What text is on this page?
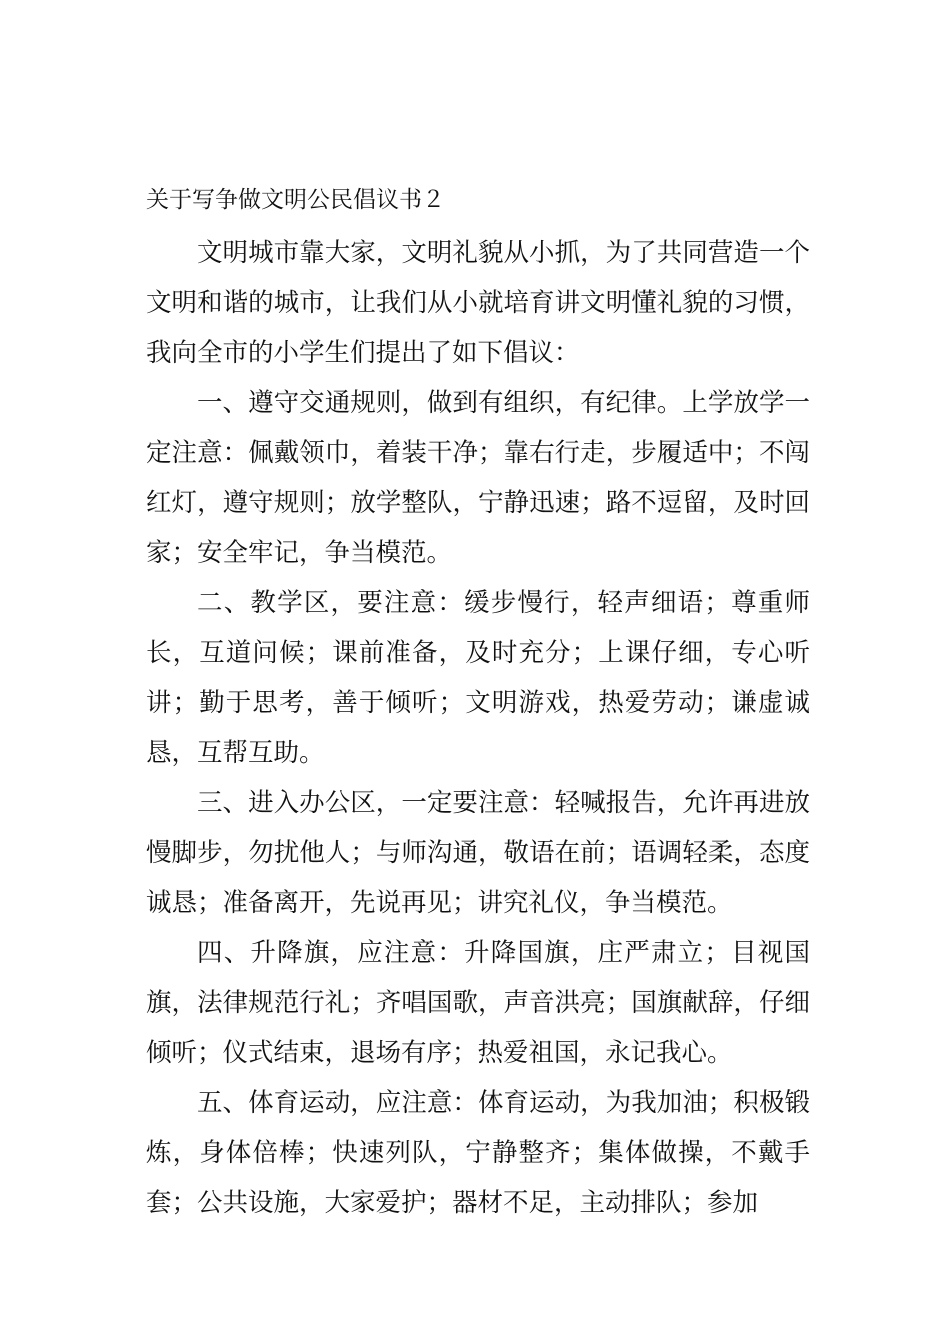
关于写争做文明公民倡议书２

文明城市靠大家，文明礼貌从小抓，为了共同营造一个文明和谐的城市，让我们从小就培育讲文明懂礼貌的习惯，我向全市的小学生们提出了如下倡议：

一、遵守交通规则，做到有组织，有纪律。上学放学一定注意：佩戴领巾，着装干净；靠右行走，步履适中；不闯红灯，遵守规则；放学整队，宁静迅速；路不逗留，及时回家；安全牢记，争当模范。

二、教学区，要注意：缓步慢行，轻声细语；尊重师长，互道问候；课前准备，及时充分；上课仔细，专心听讲；勤于思考，善于倾听；文明游戏，热爱劳动；谦虚诚恳，互帮互助。

三、进入办公区，一定要注意：轻喊报告，允许再进放慢脚步，勿扰他人；与师沟通，敬语在前；语调轻柔，态度诚恳；准备离开，先说再见；讲究礼仪，争当模范。

四、升降旗，应注意：升降国旗，庄严肃立；目视国旗，法律规范行礼；齐唱国歌，声音洪亮；国旗献辞，仔细倾听；仪式结束，退场有序；热爱祖国，永记我心。

五、体育运动，应注意：体育运动，为我加油；积极锻炼，身体倍棒；快速列队，宁静整齐；集体做操，不戴手套；公共设施，大家爱护；器材不足，主动排队；参加
